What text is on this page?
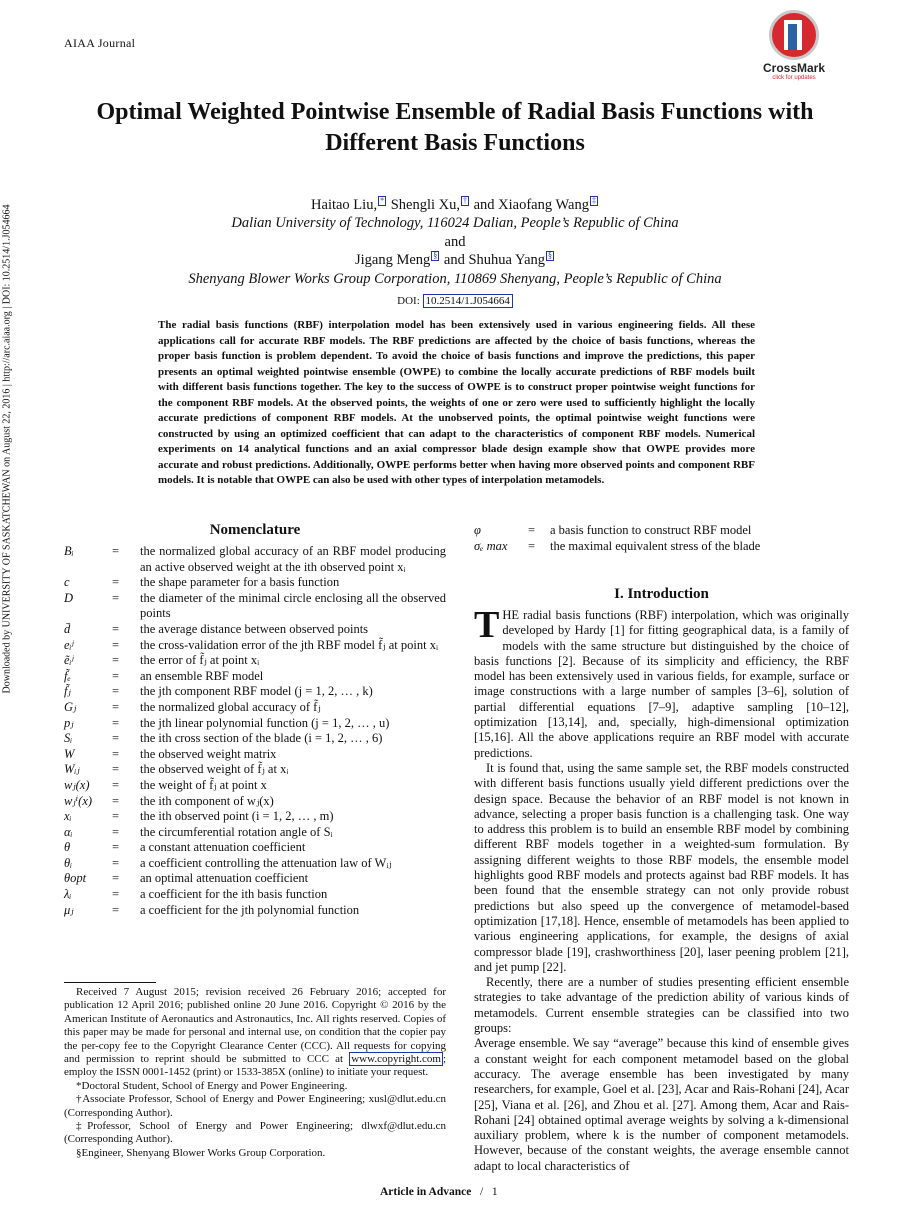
AIAA Journal
CrossMark
click for updates
Optimal Weighted Pointwise Ensemble of Radial Basis Functions with Different Basis Functions
Haitao Liu, * Shengli Xu, † and Xiaofang Wang ‡
Dalian University of Technology, 116024 Dalian, People’s Republic of China
and
Jigang Meng § and Shuhua Yang §
Shenyang Blower Works Group Corporation, 110869 Shenyang, People’s Republic of China
DOI: 10.2514/1.J054664
The radial basis functions (RBF) interpolation model has been extensively used in various engineering fields. All these applications call for accurate RBF models. The RBF predictions are affected by the choice of basis functions, whereas the proper basis function is problem dependent. To avoid the choice of basis functions and improve the predictions, this paper presents an optimal weighted pointwise ensemble (OWPE) to combine the locally accurate predictions of RBF models built with different basis functions together. The key to the success of OWPE is to construct proper pointwise weight functions for the component RBF models. At the observed points, the weights of one or zero were used to sufficiently highlight the locally accurate predictions of component RBF models. At the unobserved points, the optimal pointwise weight functions were constructed by using an optimized coefficient that can adapt to the characteristics of component RBF models. Numerical experiments on 14 analytical functions and an axial compressor blade design example show that OWPE provides more accurate and robust predictions. Additionally, OWPE performs better when having more observed points and component RBF models. It is notable that OWPE can also be used with other types of interpolation metamodels.
Downloaded by UNIVERSITY OF SASKATCHEWAN on August 22, 2016 | http://arc.aiaa.org | DOI: 10.2514/1.J054664	Nomenclature
Bᵢ	=	the normalized global accuracy of an RBF model producing an active observed weight at the ith observed point xᵢ
c	=	the shape parameter for a basis function
D	=	the diameter of the minimal circle enclosing all the observed points
d̄	=	the average distance between observed points
eᵢʲ	=	the cross-validation error of the jth RBF model f̃ⱼ at point xᵢ
ẽᵢʲ	=	the error of f̃ⱼ at point xᵢ
f̃ₑ	=	an ensemble RBF model
f̃ⱼ	=	the jth component RBF model (j = 1, 2, … , k)
Gⱼ	=	the normalized global accuracy of f̃ⱼ
pⱼ	=	the jth linear polynomial function (j = 1, 2, … , u)
Sᵢ	=	the ith cross section of the blade (i = 1, 2, … , 6)
W	=	the observed weight matrix
Wᵢⱼ	=	the observed weight of f̃ⱼ at xᵢ
wⱼ(x)	=	the weight of f̃ⱼ at point x
wⱼⁱ(x)	=	the ith component of wⱼ(x)
xᵢ	=	the ith observed point (i = 1, 2, … , m)
αᵢ	=	the circumferential rotation angle of Sᵢ
θ	=	a constant attenuation coefficient
θᵢ	=	a coefficient controlling the attenuation law of Wᵢⱼ
θopt	=	an optimal attenuation coefficient
λᵢ	=	a coefficient for the ith basis function
μⱼ	=	a coefficient for the jth polynomial function
φ	=	a basis function to construct RBF model
σₑ max	=	the maximal equivalent stress of the blade
I. Introduction

THE radial basis functions (RBF) interpolation, which was originally developed by Hardy [1] for fitting geographical data, is a family of models with the same structure but distinguished by the choice of basis functions [2]. Because of its simplicity and efficiency, the RBF model has been extensively used in various fields, for example, surface or image constructions with a large number of samples [3–6], solution of partial differential equations [7–9], adaptive sampling [10–12], optimization [13,14], and, specially, high-dimensional optimization [15,16]. All the above applications require an RBF model with accurate predictions.

It is found that, using the same sample set, the RBF models constructed with different basis functions usually yield different predictions over the design space. Because the behavior of an RBF model is not known in advance, selecting a proper basis function is a challenging task. One way to address this problem is to build an ensemble RBF model by combining different RBF models together in a weighted-sum formulation. By assigning different weights to those RBF models, the ensemble model highlights good RBF models and protects against bad RBF models. It has been found that the ensemble strategy can not only provide robust predictions but also speed up the convergence of metamodel-based optimization [17,18]. Hence, ensemble of metamodels has been applied to various engineering applications, for example, the designs of axial compressor blade [19], crashworthiness [20], laser peening problem [21], and jet pump [22].

Recently, there are a number of studies presenting efficient ensemble strategies to take advantage of the prediction ability of various kinds of metamodels. Current ensemble strategies can be classified into two groups:

Average ensemble. We say “average” because this kind of ensemble gives a constant weight for each component metamodel based on the global accuracy. The average ensemble has been investigated by many researchers, for example, Goel et al. [23], Acar and Rais-Rohani [24], Acar [25], Viana et al. [26], and Zhou et al. [27]. Among them, Acar and Rais-Rohani [24] obtained optimal average weights by solving a k-dimensional auxiliary problem, where k is the number of component metamodels. However, because of the constant weights, the average ensemble cannot adapt to local characteristics of

Received 7 August 2015; revision received 26 February 2016; accepted for publication 12 April 2016; published online 20 June 2016. Copyright © 2016 by the American Institute of Aeronautics and Astronautics, Inc. All rights reserved. Copies of this paper may be made for personal and internal use, on condition that the copier pay the per-copy fee to the Copyright Clearance Center (CCC). All requests for copying and permission to reprint should be submitted to CCC at www.copyright.com ; employ the ISSN 0001-1452 (print) or 1533-385X (online) to initiate your request.

*Doctoral Student, School of Energy and Power Engineering.

†Associate Professor, School of Energy and Power Engineering; xusl@dlut.edu.cn (Corresponding Author).

‡Professor, School of Energy and Power Engineering; dlwxf@dlut.edu.cn (Corresponding Author).

§Engineer, Shenyang Blower Works Group Corporation.

Article in Advance / 1
